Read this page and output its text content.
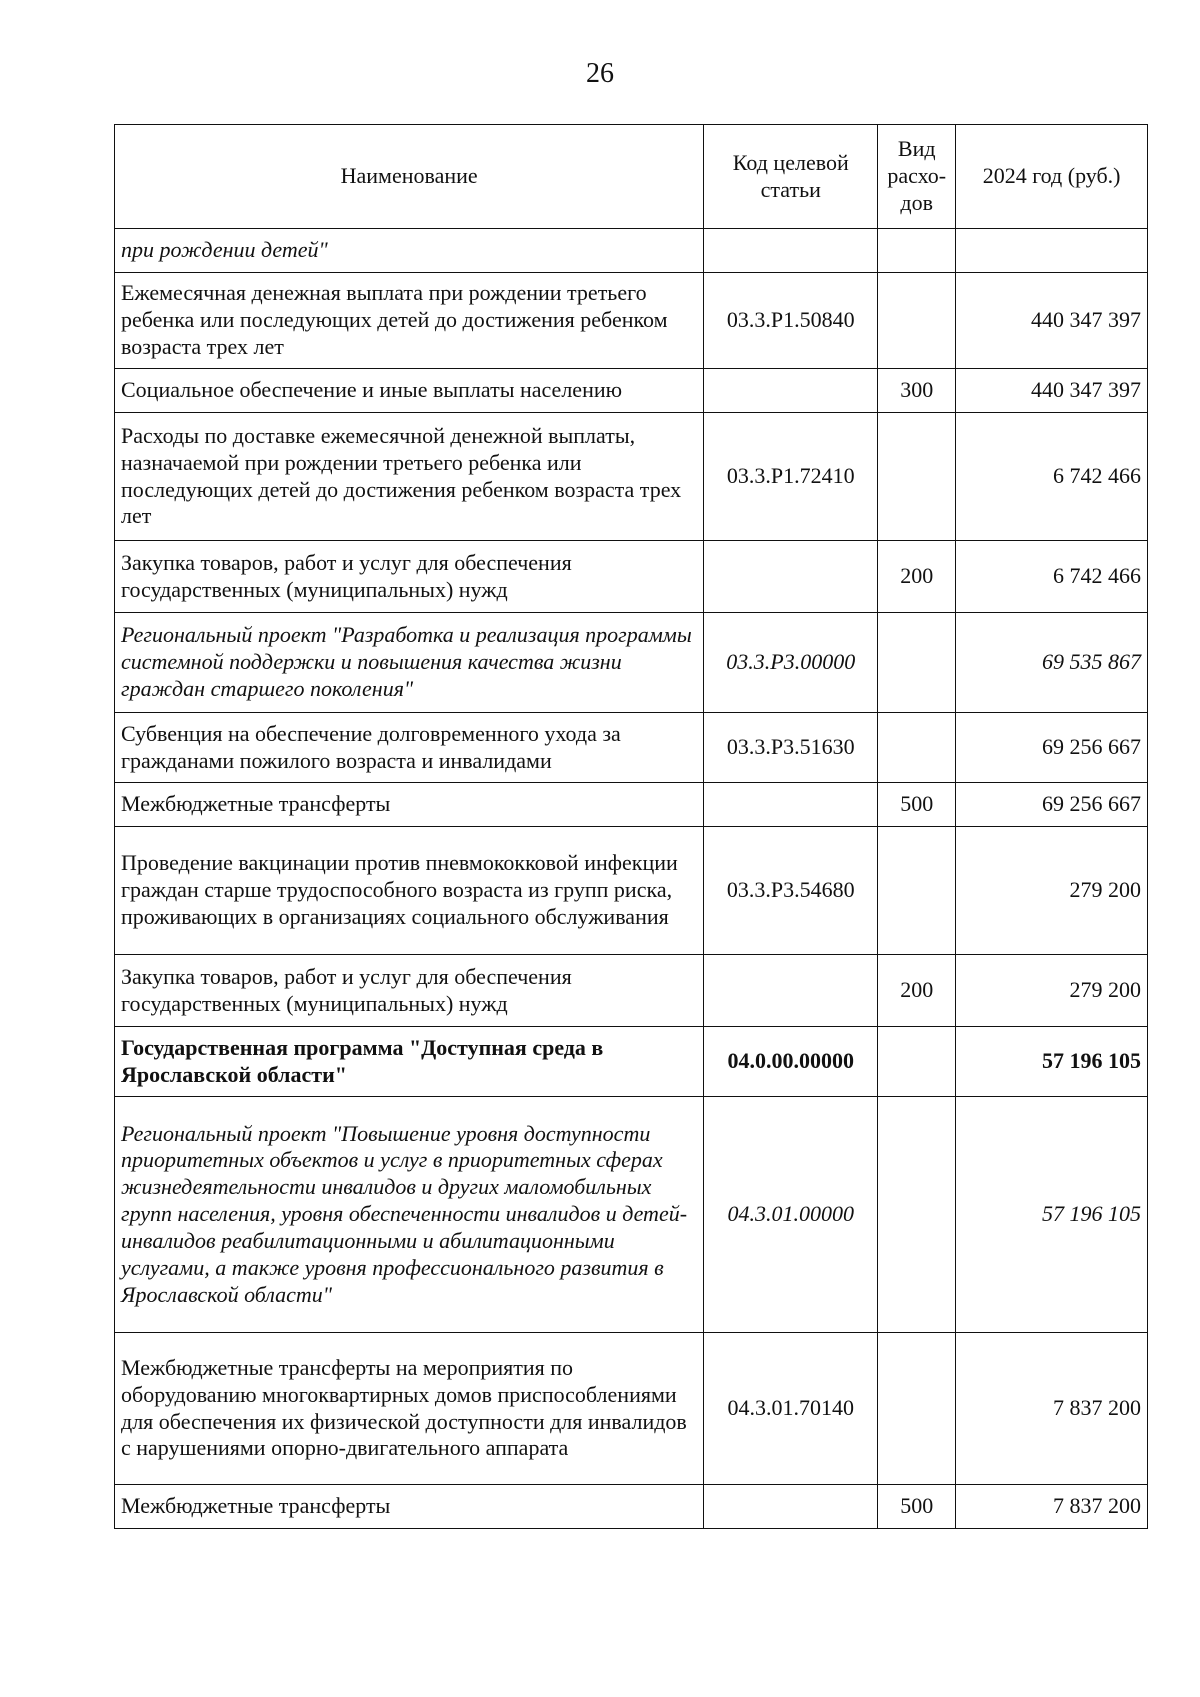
26
Наименование	Код целевой статьи	Вид расхо-дов	2024 год (руб.)
при рождении детей"			
Ежемесячная денежная выплата при рождении третьего ребенка или последующих детей до достижения ребенком возраста трех лет	03.3.P1.50840		440 347 397
Социальное обеспечение и иные выплаты населению		300	440 347 397
Расходы по доставке ежемесячной денежной выплаты, назначаемой при рождении третьего ребенка или последующих детей до достижения ребенком возраста трех лет	03.3.P1.72410		6 742 466
Закупка товаров, работ и услуг для обеспечения государственных (муниципальных) нужд		200	6 742 466
Региональный проект "Разработка и реализация программы системной поддержки и повышения качества жизни граждан старшего поколения"	03.3.P3.00000		69 535 867
Субвенция на обеспечение долговременного ухода за гражданами пожилого возраста и инвалидами	03.3.P3.51630		69 256 667
Межбюджетные трансферты		500	69 256 667
Проведение вакцинации против пневмококковой инфекции граждан старше трудоспособного возраста из групп риска, проживающих в организациях социального обслуживания	03.3.P3.54680		279 200
Закупка товаров, работ и услуг для обеспечения государственных (муниципальных) нужд		200	279 200
Государственная программа "Доступная среда в Ярославской области"	04.0.00.00000		57 196 105
Региональный проект "Повышение уровня доступности приоритетных объектов и услуг в приоритетных сферах жизнедеятельности инвалидов и других маломобильных групп населения, уровня обеспеченности инвалидов и детей-инвалидов реабилитационными и абилитационными услугами, а также уровня профессионального развития в Ярославской области"	04.3.01.00000		57 196 105
Межбюджетные трансферты на мероприятия по оборудованию многоквартирных домов приспособлениями для обеспечения их физической доступности для инвалидов с нарушениями опорно-двигательного аппарата	04.3.01.70140		7 837 200
Межбюджетные трансферты		500	7 837 200
